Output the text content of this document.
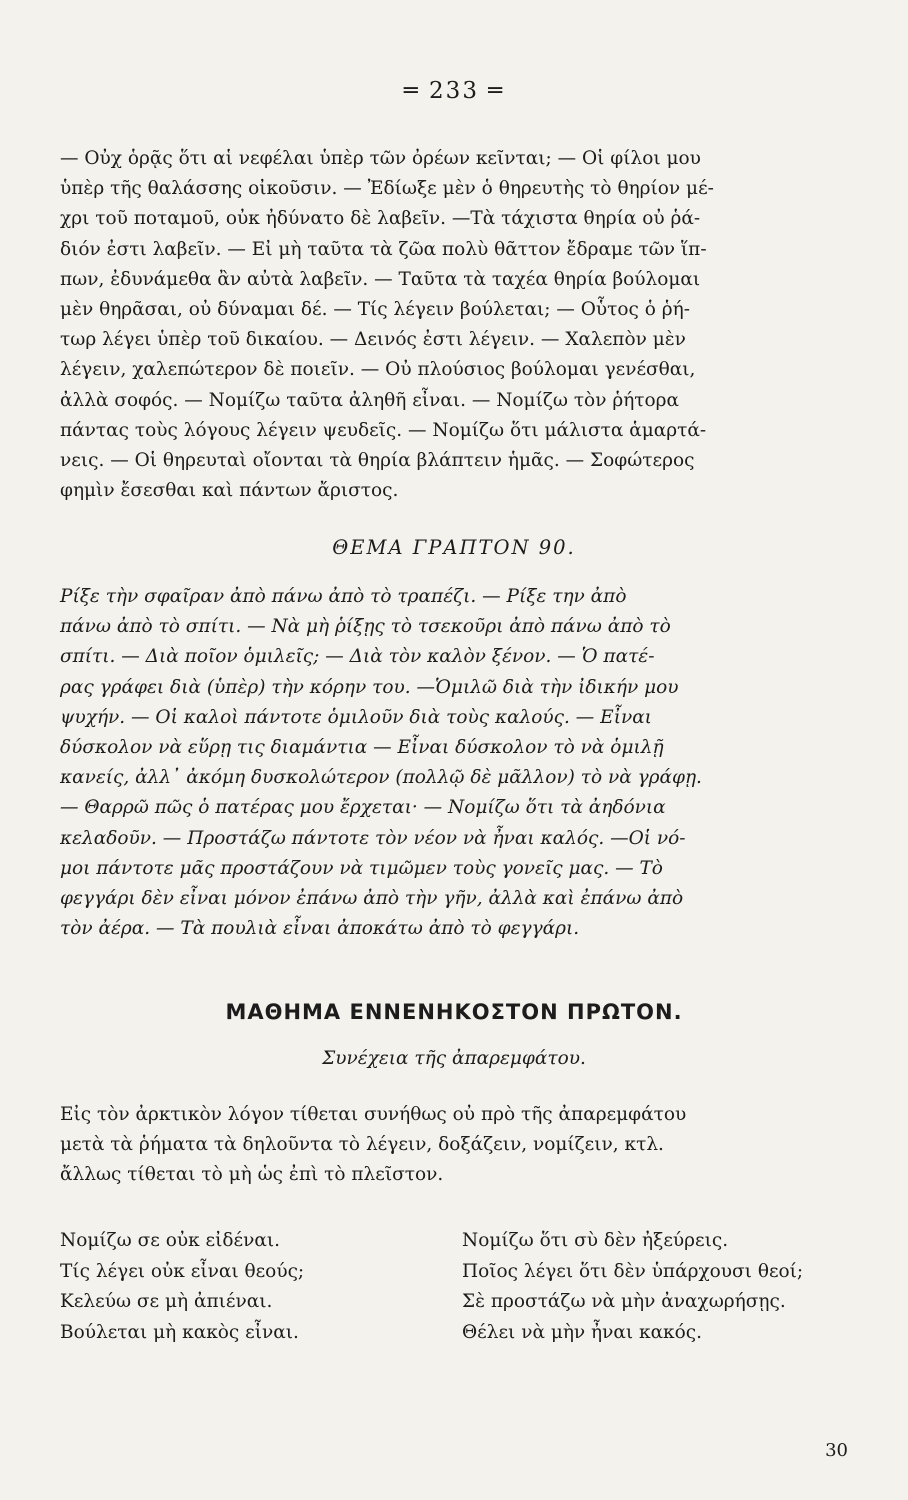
═ 233 ═

— Οὐχ ὁρᾷς ὅτι αἱ νεφέλαι ὑπὲρ τῶν ὀρέων κεῖνται; — Οἱ φίλοι μου

ὑπὲρ τῆς θαλάσσης οἰκοῦσιν. — Ἐδίωξε μὲν ὁ θηρευτὴς τὸ θηρίον μέ-

χρι τοῦ ποταμοῦ, οὐκ ἠδύνατο δὲ λαβεῖν. —Τὰ τάχιστα θηρία οὐ ῥά-

διόν ἐστι λαβεῖν. — Εἰ μὴ ταῦτα τὰ ζῶα πολὺ θᾶττον ἔδραμε τῶν ἵπ-

πων, ἐδυνάμεθα ἂν αὐτὰ λαβεῖν. — Ταῦτα τὰ ταχέα θηρία βούλομαι

μὲν θηρᾶσαι, οὐ δύναμαι δέ. — Τίς λέγειν βούλεται; — Οὗτος ὁ ῥή-

τωρ λέγει ὑπὲρ τοῦ δικαίου. — Δεινός ἐστι λέγειν. — Χαλεπὸν μὲν

λέγειν, χαλεπώτερον δὲ ποιεῖν. — Οὐ πλούσιος βούλομαι γενέσθαι,

ἀλλὰ σοφός. — Νομίζω ταῦτα ἀληθῆ εἶναι. — Νομίζω τὸν ῥήτορα

πάντας τοὺς λόγους λέγειν ψευδεῖς. — Νομίζω ὅτι μάλιστα ἁμαρτά-

νεις. — Οἱ θηρευταὶ οἴονται τὰ θηρία βλάπτειν ἡμᾶς. — Σοφώτερος

φημὶν ἔσεσθαι καὶ πάντων ἄριστος.

ΘΕΜΑ ΓΡΑΠΤΟΝ 90.

Ρίξε τὴν σφαῖραν ἀπὸ πάνω ἀπὸ τὸ τραπέζι. — Ρίξε την ἀπὸ

πάνω ἀπὸ τὸ σπίτι. — Νὰ μὴ ῥίξῃς τὸ τσεκοῦρι ἀπὸ πάνω ἀπὸ τὸ

σπίτι. — Διὰ ποῖον ὁμιλεῖς; — Διὰ τὸν καλὸν ξένον. — Ὁ πατέ-

ρας γράφει διὰ (ὑπὲρ) τὴν κόρην του. —Ὁμιλῶ διὰ τὴν ἰδικήν μου

ψυχήν. — Οἱ καλοὶ πάντοτε ὁμιλοῦν διὰ τοὺς καλούς. — Εἶναι

δύσκολον νὰ εὕρῃ τις διαμάντια — Εἶναι δύσκολον τὸ νὰ ὁμιλῇ

κανείς, ἀλλ᾽ ἀκόμη δυσκολώτερον (πολλῷ δὲ μᾶλλον) τὸ νὰ γράφῃ.

— Θαρρῶ πῶς ὁ πατέρας μου ἔρχεται· — Νομίζω ὅτι τὰ ἀηδόνια

κελαδοῦν. — Προστάζω πάντοτε τὸν νέον νὰ ἦναι καλός. —Οἱ νό-

μοι πάντοτε μᾶς προστάζουν νὰ τιμῶμεν τοὺς γονεῖς μας. — Τὸ

φεγγάρι δὲν εἶναι μόνον ἐπάνω ἀπὸ τὴν γῆν, ἀλλὰ καὶ ἐπάνω ἀπὸ

τὸν ἀέρα. — Τὰ πουλιὰ εἶναι ἀποκάτω ἀπὸ τὸ φεγγάρι.

ΜΑΘΗΜΑ ΕΝΝΕΝΗΚΟΣΤΟΝ ΠΡΩΤΟΝ.
Συνέχεια τῆς ἀπαρεμφάτου.

Εἰς τὸν ἀρκτικὸν λόγον τίθεται συνήθως οὐ πρὸ τῆς ἀπαρεμφάτου

μετὰ τὰ ῥήματα τὰ δηλοῦντα τὸ λέγειν, δοξάζειν, νομίζειν, κτλ.

ἄλλως τίθεται τὸ μὴ ὡς ἐπὶ τὸ πλεῖστον.

Νομίζω σε οὐκ εἰδέναι.

Τίς λέγει οὐκ εἶναι θεούς;

Κελεύω σε μὴ ἀπιέναι.

Βούλεται μὴ κακὸς εἶναι.

Νομίζω ὅτι σὺ δὲν ἠξεύρεις.

Ποῖος λέγει ὅτι δὲν ὑπάρχουσι θεοί;

Σὲ προστάζω νὰ μὴν ἀναχωρήσῃς.

Θέλει νὰ μὴν ἦναι κακός.

30
